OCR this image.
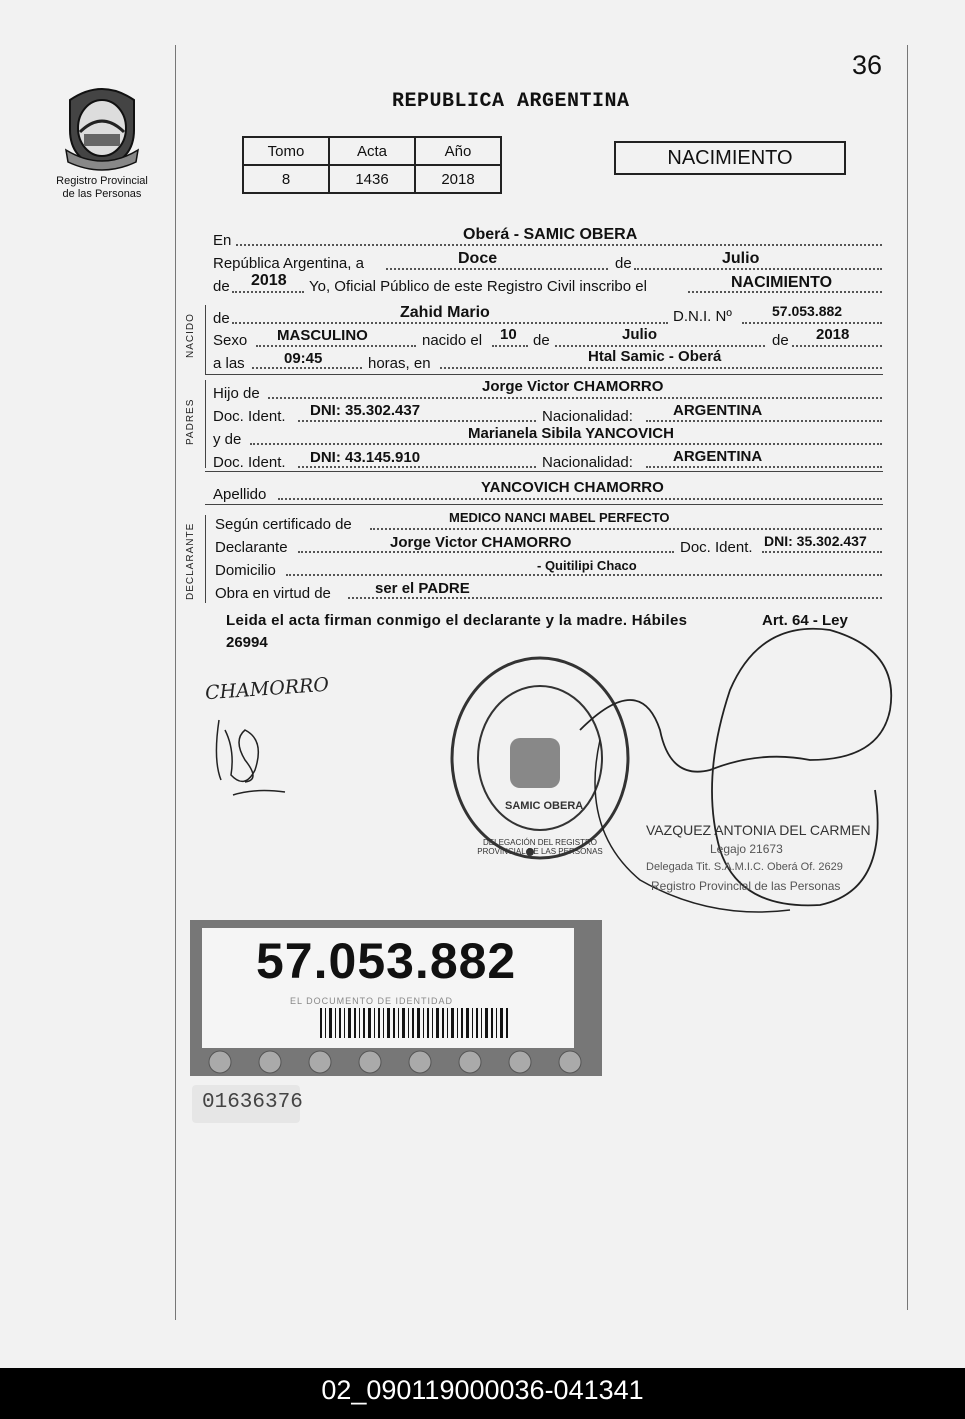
36
Registro Provincial
de las Personas
REPUBLICA ARGENTINA
Tomo	Acta	Año
8	1436	2018
NACIMIENTO
En	Oberá - SAMIC OBERA
República Argentina, a	Doce	de	Julio
de 2018 Yo, Oficial Público de este Registro Civil inscribo el	NACIMIENTO
NACIDO de	Zahid Mario	D.N.I. Nº	57.053.882
Sexo MASCULINO	nacido el 10 de	Julio	de 2018
a las	09:45	horas, en	Htal Samic - Oberá
PADRES
Hijo de	Jorge Victor CHAMORRO
Doc. Ident. DNI: 35.302.437	Nacionalidad:	ARGENTINA
y de	Marianela Sibila YANCOVICH
Doc. Ident. DNI: 43.145.910	Nacionalidad:	ARGENTINA
Apellido	YANCOVICH CHAMORRO
DECLARANTE Según certificado de	MEDICO NANCI MABEL PERFECTO
Declarante	Jorge Victor CHAMORRO	Doc. Ident. DNI: 35.302.437
Domicilio	- Quitilipi Chaco
Obra en virtud de	ser el PADRE
Leida el acta firman conmigo el declarante y la madre. Hábiles	Art. 64 - Ley
26994
CHAMORRO
DELEGACIÓN DEL REGISTRO PROVINCIAL DE LAS PERSONAS
SAMIC OBERA
VAZQUEZ ANTONIA DEL CARMEN
Legajo 21673
Delegada Tit. S.A.M.I.C. Oberá Of. 2629
Registro Provincial de las Personas
57.053.882
EL DOCUMENTO DE IDENTIDAD
01636376
02_090119000036-041341
